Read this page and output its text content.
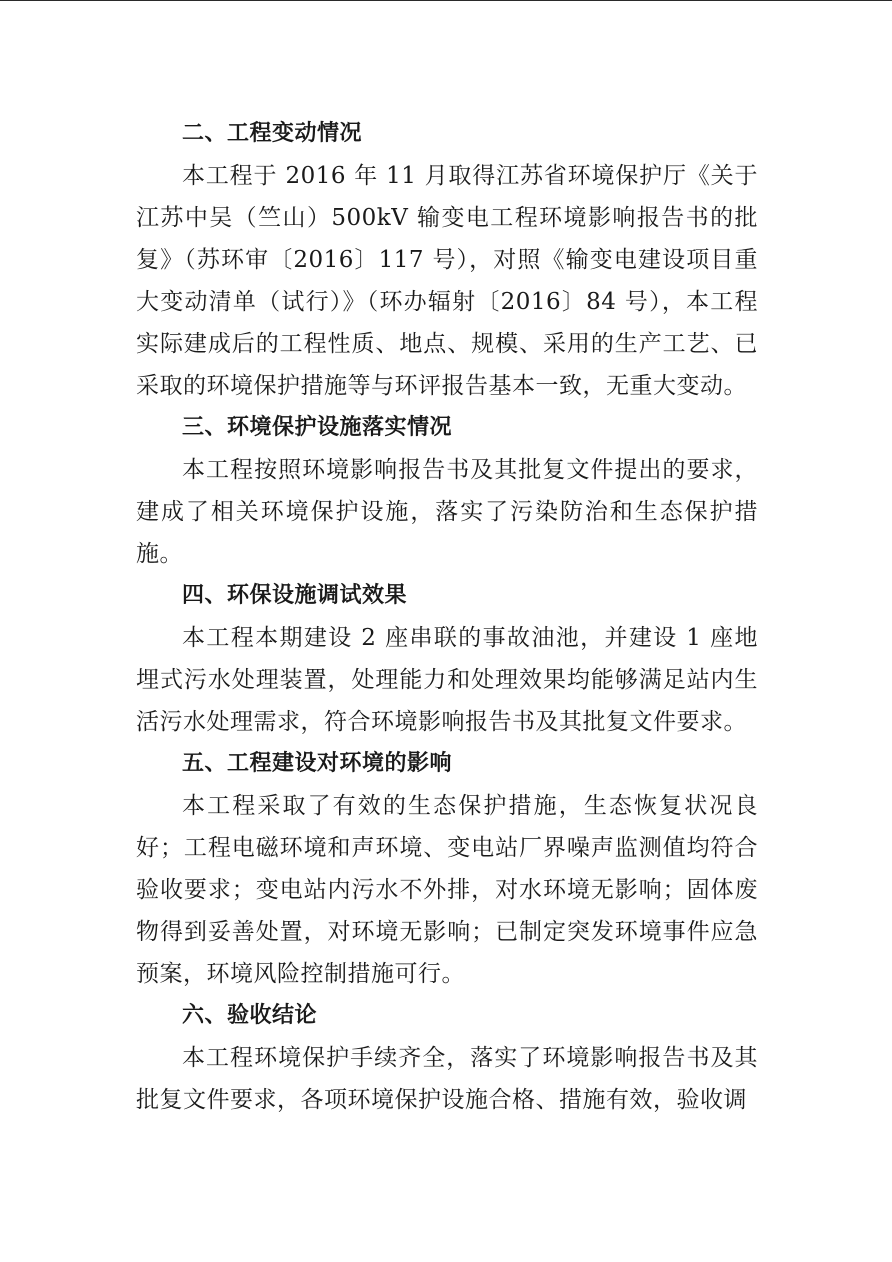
二、工程变动情况

本工程于 2016 年 11 月取得江苏省环境保护厅《关于江苏中吴（竺山）500kV 输变电工程环境影响报告书的批复》（苏环审〔2016〕117 号），对照《输变电建设项目重大变动清单（试行）》（环办辐射〔2016〕84 号），本工程实际建成后的工程性质、地点、规模、采用的生产工艺、已采取的环境保护措施等与环评报告基本一致，无重大变动。

三、环境保护设施落实情况

本工程按照环境影响报告书及其批复文件提出的要求，建成了相关环境保护设施，落实了污染防治和生态保护措施。

四、环保设施调试效果

本工程本期建设 2 座串联的事故油池，并建设 1 座地埋式污水处理装置，处理能力和处理效果均能够满足站内生活污水处理需求，符合环境影响报告书及其批复文件要求。

五、工程建设对环境的影响

本工程采取了有效的生态保护措施，生态恢复状况良好；工程电磁环境和声环境、变电站厂界噪声监测值均符合验收要求；变电站内污水不外排，对水环境无影响；固体废物得到妥善处置，对环境无影响；已制定突发环境事件应急预案，环境风险控制措施可行。

六、验收结论

本工程环境保护手续齐全，落实了环境影响报告书及其批复文件要求，各项环境保护设施合格、措施有效，验收调
